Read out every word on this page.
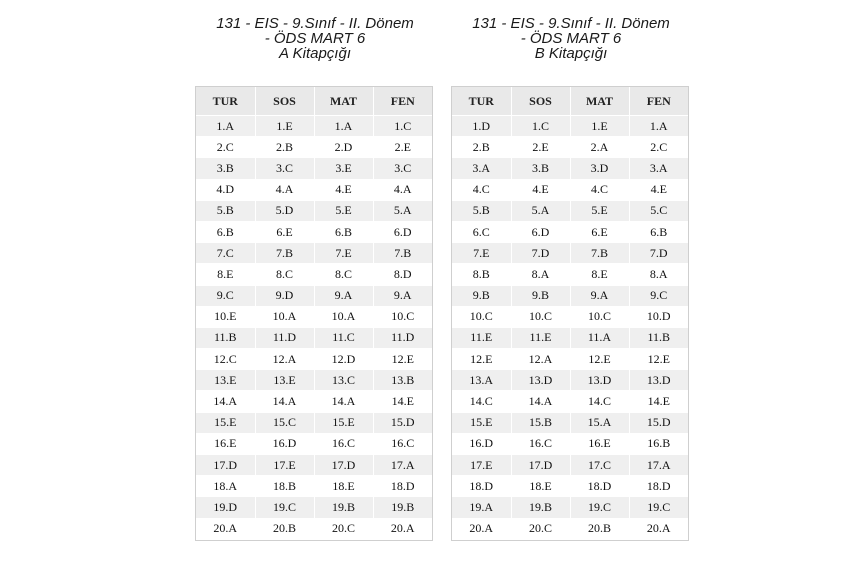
131 - EIS - 9.Sınıf - II. Dönem
- ÖDS MART 6
A Kitapçığı
TUR	SOS	MAT	FEN
1.A	1.E	1.A	1.C
2.C	2.B	2.D	2.E
3.B	3.C	3.E	3.C
4.D	4.A	4.E	4.A
5.B	5.D	5.E	5.A
6.B	6.E	6.B	6.D
7.C	7.B	7.E	7.B
8.E	8.C	8.C	8.D
9.C	9.D	9.A	9.A
10.E	10.A	10.A	10.C
11.B	11.D	11.C	11.D
12.C	12.A	12.D	12.E
13.E	13.E	13.C	13.B
14.A	14.A	14.A	14.E
15.E	15.C	15.E	15.D
16.E	16.D	16.C	16.C
17.D	17.E	17.D	17.A
18.A	18.B	18.E	18.D
19.D	19.C	19.B	19.B
20.A	20.B	20.C	20.A
131 - EIS - 9.Sınıf - II. Dönem
- ÖDS MART 6
B Kitapçığı
TUR	SOS	MAT	FEN
1.D	1.C	1.E	1.A
2.B	2.E	2.A	2.C
3.A	3.B	3.D	3.A
4.C	4.E	4.C	4.E
5.B	5.A	5.E	5.C
6.C	6.D	6.E	6.B
7.E	7.D	7.B	7.D
8.B	8.A	8.E	8.A
9.B	9.B	9.A	9.C
10.C	10.C	10.C	10.D
11.E	11.E	11.A	11.B
12.E	12.A	12.E	12.E
13.A	13.D	13.D	13.D
14.C	14.A	14.C	14.E
15.E	15.B	15.A	15.D
16.D	16.C	16.E	16.B
17.E	17.D	17.C	17.A
18.D	18.E	18.D	18.D
19.A	19.B	19.C	19.C
20.A	20.C	20.B	20.A
